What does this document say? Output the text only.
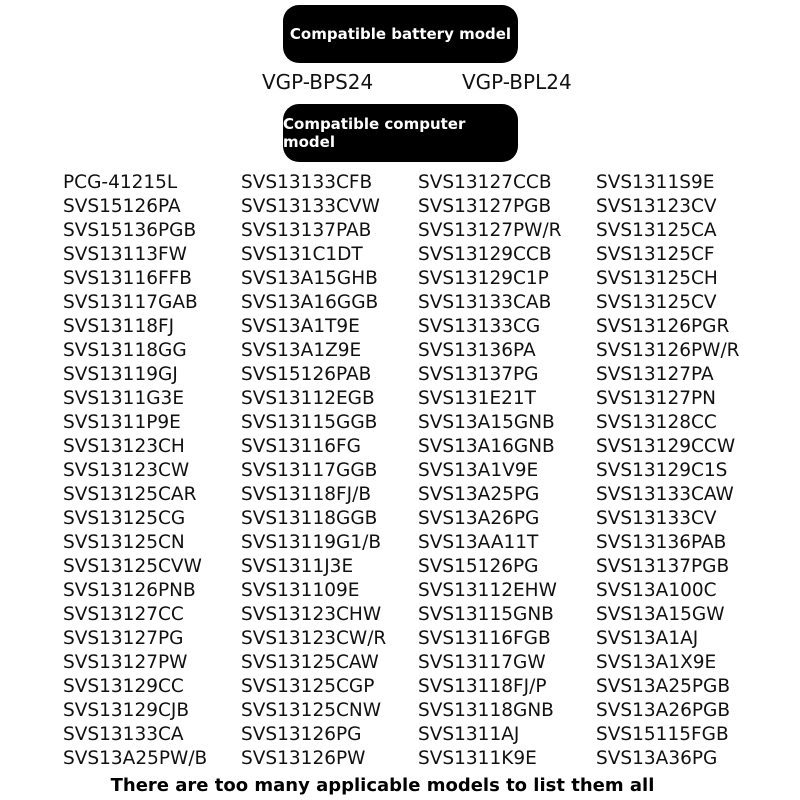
Compatible battery model
VGP-BPS24	VGP-BPL24
Compatible computer model
PCG-41215L
SVS15126PA
SVS15136PGB
SVS13113FW
SVS13116FFB
SVS13117GAB
SVS13118FJ
SVS13118GG
SVS13119GJ
SVS1311G3E
SVS1311P9E
SVS13123CH
SVS13123CW
SVS13125CAR
SVS13125CG
SVS13125CN
SVS13125CVW
SVS13126PNB
SVS13127CC
SVS13127PG
SVS13127PW
SVS13129CC
SVS13129CJB
SVS13133CA
SVS13A25PW/B
SVS13133CFB
SVS13133CVW
SVS13137PAB
SVS131C1DT
SVS13A15GHB
SVS13A16GGB
SVS13A1T9E
SVS13A1Z9E
SVS15126PAB
SVS13112EGB
SVS13115GGB
SVS13116FG
SVS13117GGB
SVS13118FJ/B
SVS13118GGB
SVS13119G1/B
SVS1311J3E
SVS131109E
SVS13123CHW
SVS13123CW/R
SVS13125CAW
SVS13125CGP
SVS13125CNW
SVS13126PG
SVS13126PW
SVS13127CCB
SVS13127PGB
SVS13127PW/R
SVS13129CCB
SVS13129C1P
SVS13133CAB
SVS13133CG
SVS13136PA
SVS13137PG
SVS131E21T
SVS13A15GNB
SVS13A16GNB
SVS13A1V9E
SVS13A25PG
SVS13A26PG
SVS13AA11T
SVS15126PG
SVS13112EHW
SVS13115GNB
SVS13116FGB
SVS13117GW
SVS13118FJ/P
SVS13118GNB
SVS1311AJ
SVS1311K9E
SVS1311S9E
SVS13123CV
SVS13125CA
SVS13125CF
SVS13125CH
SVS13125CV
SVS13126PGR
SVS13126PW/R
SVS13127PA
SVS13127PN
SVS13128CC
SVS13129CCW
SVS13129C1S
SVS13133CAW
SVS13133CV
SVS13136PAB
SVS13137PGB
SVS13A100C
SVS13A15GW
SVS13A1AJ
SVS13A1X9E
SVS13A25PGB
SVS13A26PGB
SVS15115FGB
SVS13A36PG
There are too many applicable models to list them all
